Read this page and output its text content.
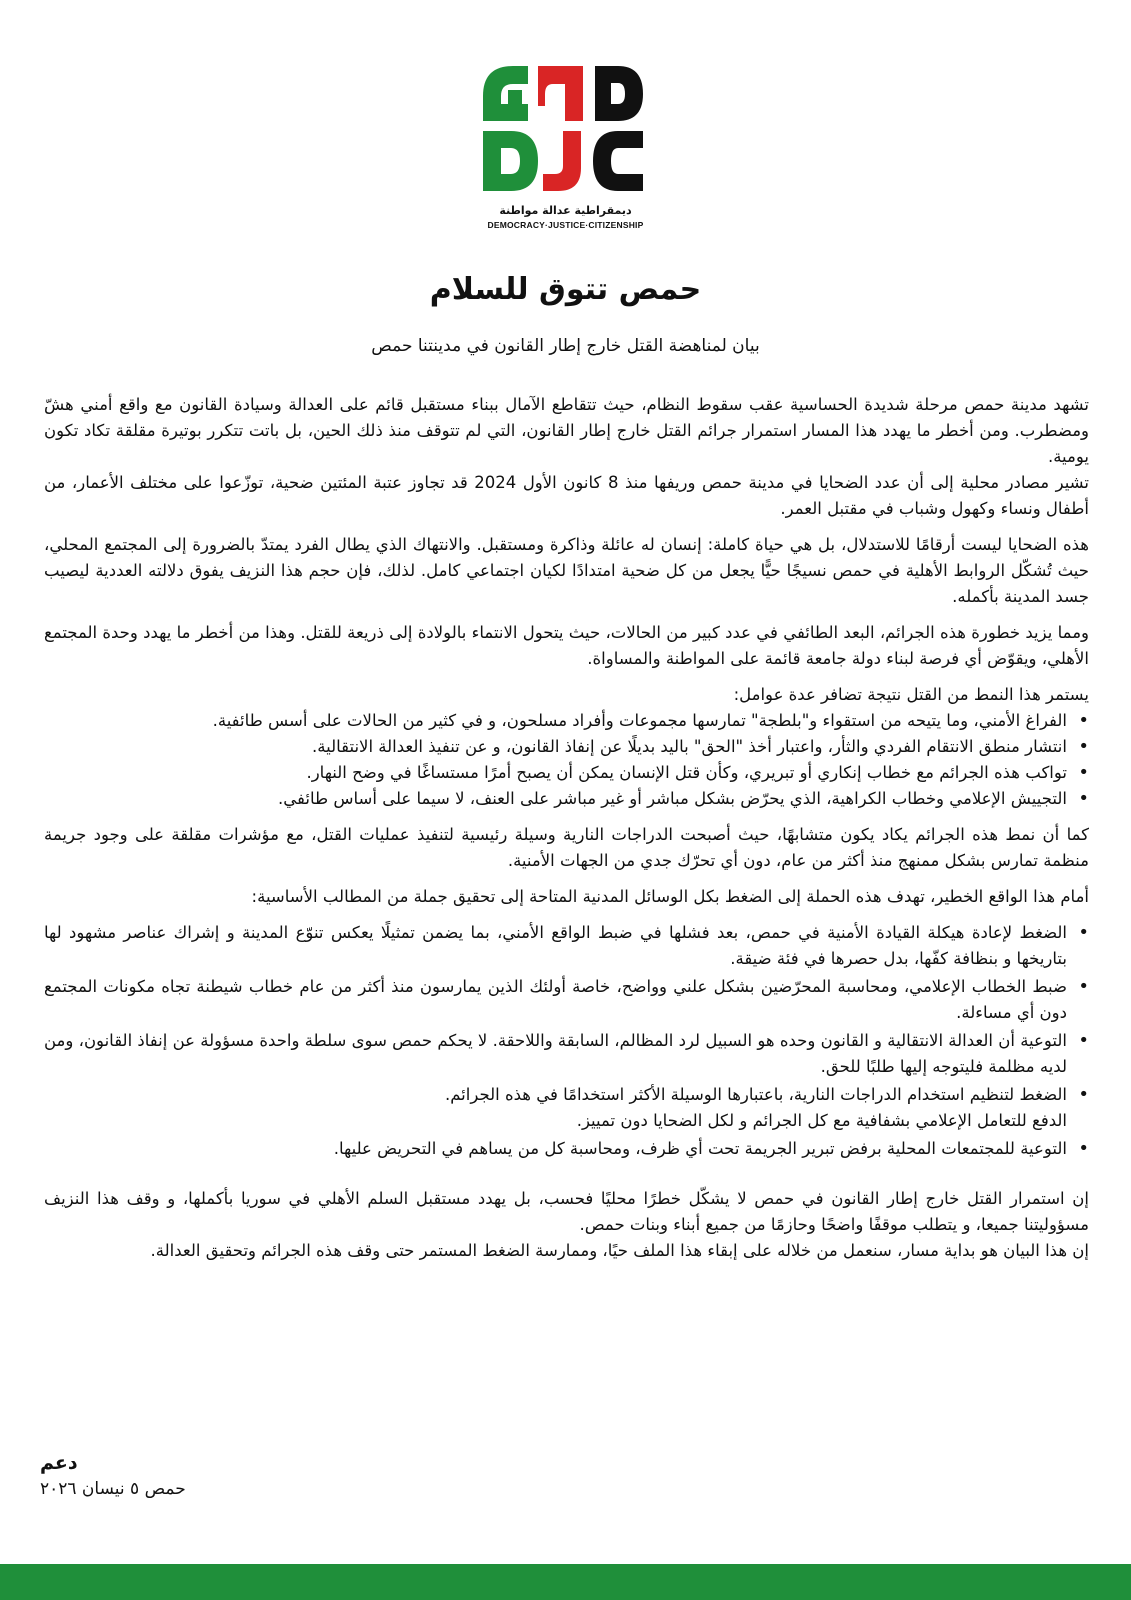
ديمقراطية عدالة مواطنة
DEMOCRACY·JUSTICE·CITIZENSHIP
حمص تتوق للسلام

بيان لمناهضة القتل خارج إطار القانون في مدينتنا حمص

تشهد مدينة حمص مرحلة شديدة الحساسية عقب سقوط النظام، حيث تتقاطع الآمال ببناء مستقبل قائم على العدالة وسيادة القانون مع واقع أمني هشّ ومضطرب. ومن أخطر ما يهدد هذا المسار استمرار جرائم القتل خارج إطار القانون، التي لم تتوقف منذ ذلك الحين، بل باتت تتكرر بوتيرة مقلقة تكاد تكون يومية.

تشير مصادر محلية إلى أن عدد الضحايا في مدينة حمص وريفها منذ 8 كانون الأول 2024 قد تجاوز عتبة المئتين ضحية، توزّعوا على مختلف الأعمار، من أطفال ونساء وكهول وشباب في مقتبل العمر.

هذه الضحايا ليست أرقامًا للاستدلال، بل هي حياة كاملة: إنسان له عائلة وذاكرة ومستقبل. والانتهاك الذي يطال الفرد يمتدّ بالضرورة إلى المجتمع المحلي، حيث تُشكّل الروابط الأهلية في حمص نسيجًا حيًّا يجعل من كل ضحية امتدادًا لكيان اجتماعي كامل. لذلك، فإن حجم هذا النزيف يفوق دلالته العددية ليصيب جسد المدينة بأكمله.

ومما يزيد خطورة هذه الجرائم، البعد الطائفي في عدد كبير من الحالات، حيث يتحول الانتماء بالولادة إلى ذريعة للقتل. وهذا من أخطر ما يهدد وحدة المجتمع الأهلي، ويقوّض أي فرصة لبناء دولة جامعة قائمة على المواطنة والمساواة.

يستمر هذا النمط من القتل نتيجة تضافر عدة عوامل:

• الفراغ الأمني، وما يتيحه من استقواء و"بلطجة" تمارسها مجموعات وأفراد مسلحون، و في كثير من الحالات على أسس طائفية.
• انتشار منطق الانتقام الفردي والثأر، واعتبار أخذ "الحق" باليد بديلًا عن إنفاذ القانون، و عن تنفيذ العدالة الانتقالية.
• تواكب هذه الجرائم مع خطاب إنكاري أو تبريري، وكأن قتل الإنسان يمكن أن يصبح أمرًا مستساغًا في وضح النهار.
• التجييش الإعلامي وخطاب الكراهية، الذي يحرّض بشكل مباشر أو غير مباشر على العنف، لا سيما على أساس طائفي.

كما أن نمط هذه الجرائم يكاد يكون متشابهًا، حيث أصبحت الدراجات النارية وسيلة رئيسية لتنفيذ عمليات القتل، مع مؤشرات مقلقة على وجود جريمة منظمة تمارس بشكل ممنهج منذ أكثر من عام، دون أي تحرّك جدي من الجهات الأمنية.

أمام هذا الواقع الخطير، تهدف هذه الحملة إلى الضغط بكل الوسائل المدنية المتاحة إلى تحقيق جملة من المطالب الأساسية:

• الضغط لإعادة هيكلة القيادة الأمنية في حمص، بعد فشلها في ضبط الواقع الأمني، بما يضمن تمثيلًا يعكس تنوّع المدينة و إشراك عناصر مشهود لها بتاريخها و بنظافة كفّها، بدل حصرها في فئة ضيقة.
• ضبط الخطاب الإعلامي، ومحاسبة المحرّضين بشكل علني وواضح، خاصة أولئك الذين يمارسون منذ أكثر من عام خطاب شيطنة تجاه مكونات المجتمع دون أي مساءلة.
• التوعية أن العدالة الانتقالية و القانون وحده هو السبيل لرد المظالم، السابقة واللاحقة. لا يحكم حمص سوى سلطة واحدة مسؤولة عن إنفاذ القانون، ومن لديه مظلمة فليتوجه إليها طلبًا للحق.
• الضغط لتنظيم استخدام الدراجات النارية، باعتبارها الوسيلة الأكثر استخدامًا في هذه الجرائم.
الدفع للتعامل الإعلامي بشفافية مع كل الجرائم و لكل الضحايا دون تمييز.
• التوعية للمجتمعات المحلية برفض تبرير الجريمة تحت أي ظرف، ومحاسبة كل من يساهم في التحريض عليها.

إن استمرار القتل خارج إطار القانون في حمص لا يشكّل خطرًا محليًا فحسب، بل يهدد مستقبل السلم الأهلي في سوريا بأكملها، و وقف هذا النزيف مسؤوليتنا جميعا، و يتطلب موقفًا واضحًا وحازمًا من جميع أبناء وبنات حمص.

إن هذا البيان هو بداية مسار، سنعمل من خلاله على إبقاء هذا الملف حيًا، وممارسة الضغط المستمر حتى وقف هذه الجرائم وتحقيق العدالة.

دعم
حمص ٥ نيسان ٢٠٢٦
